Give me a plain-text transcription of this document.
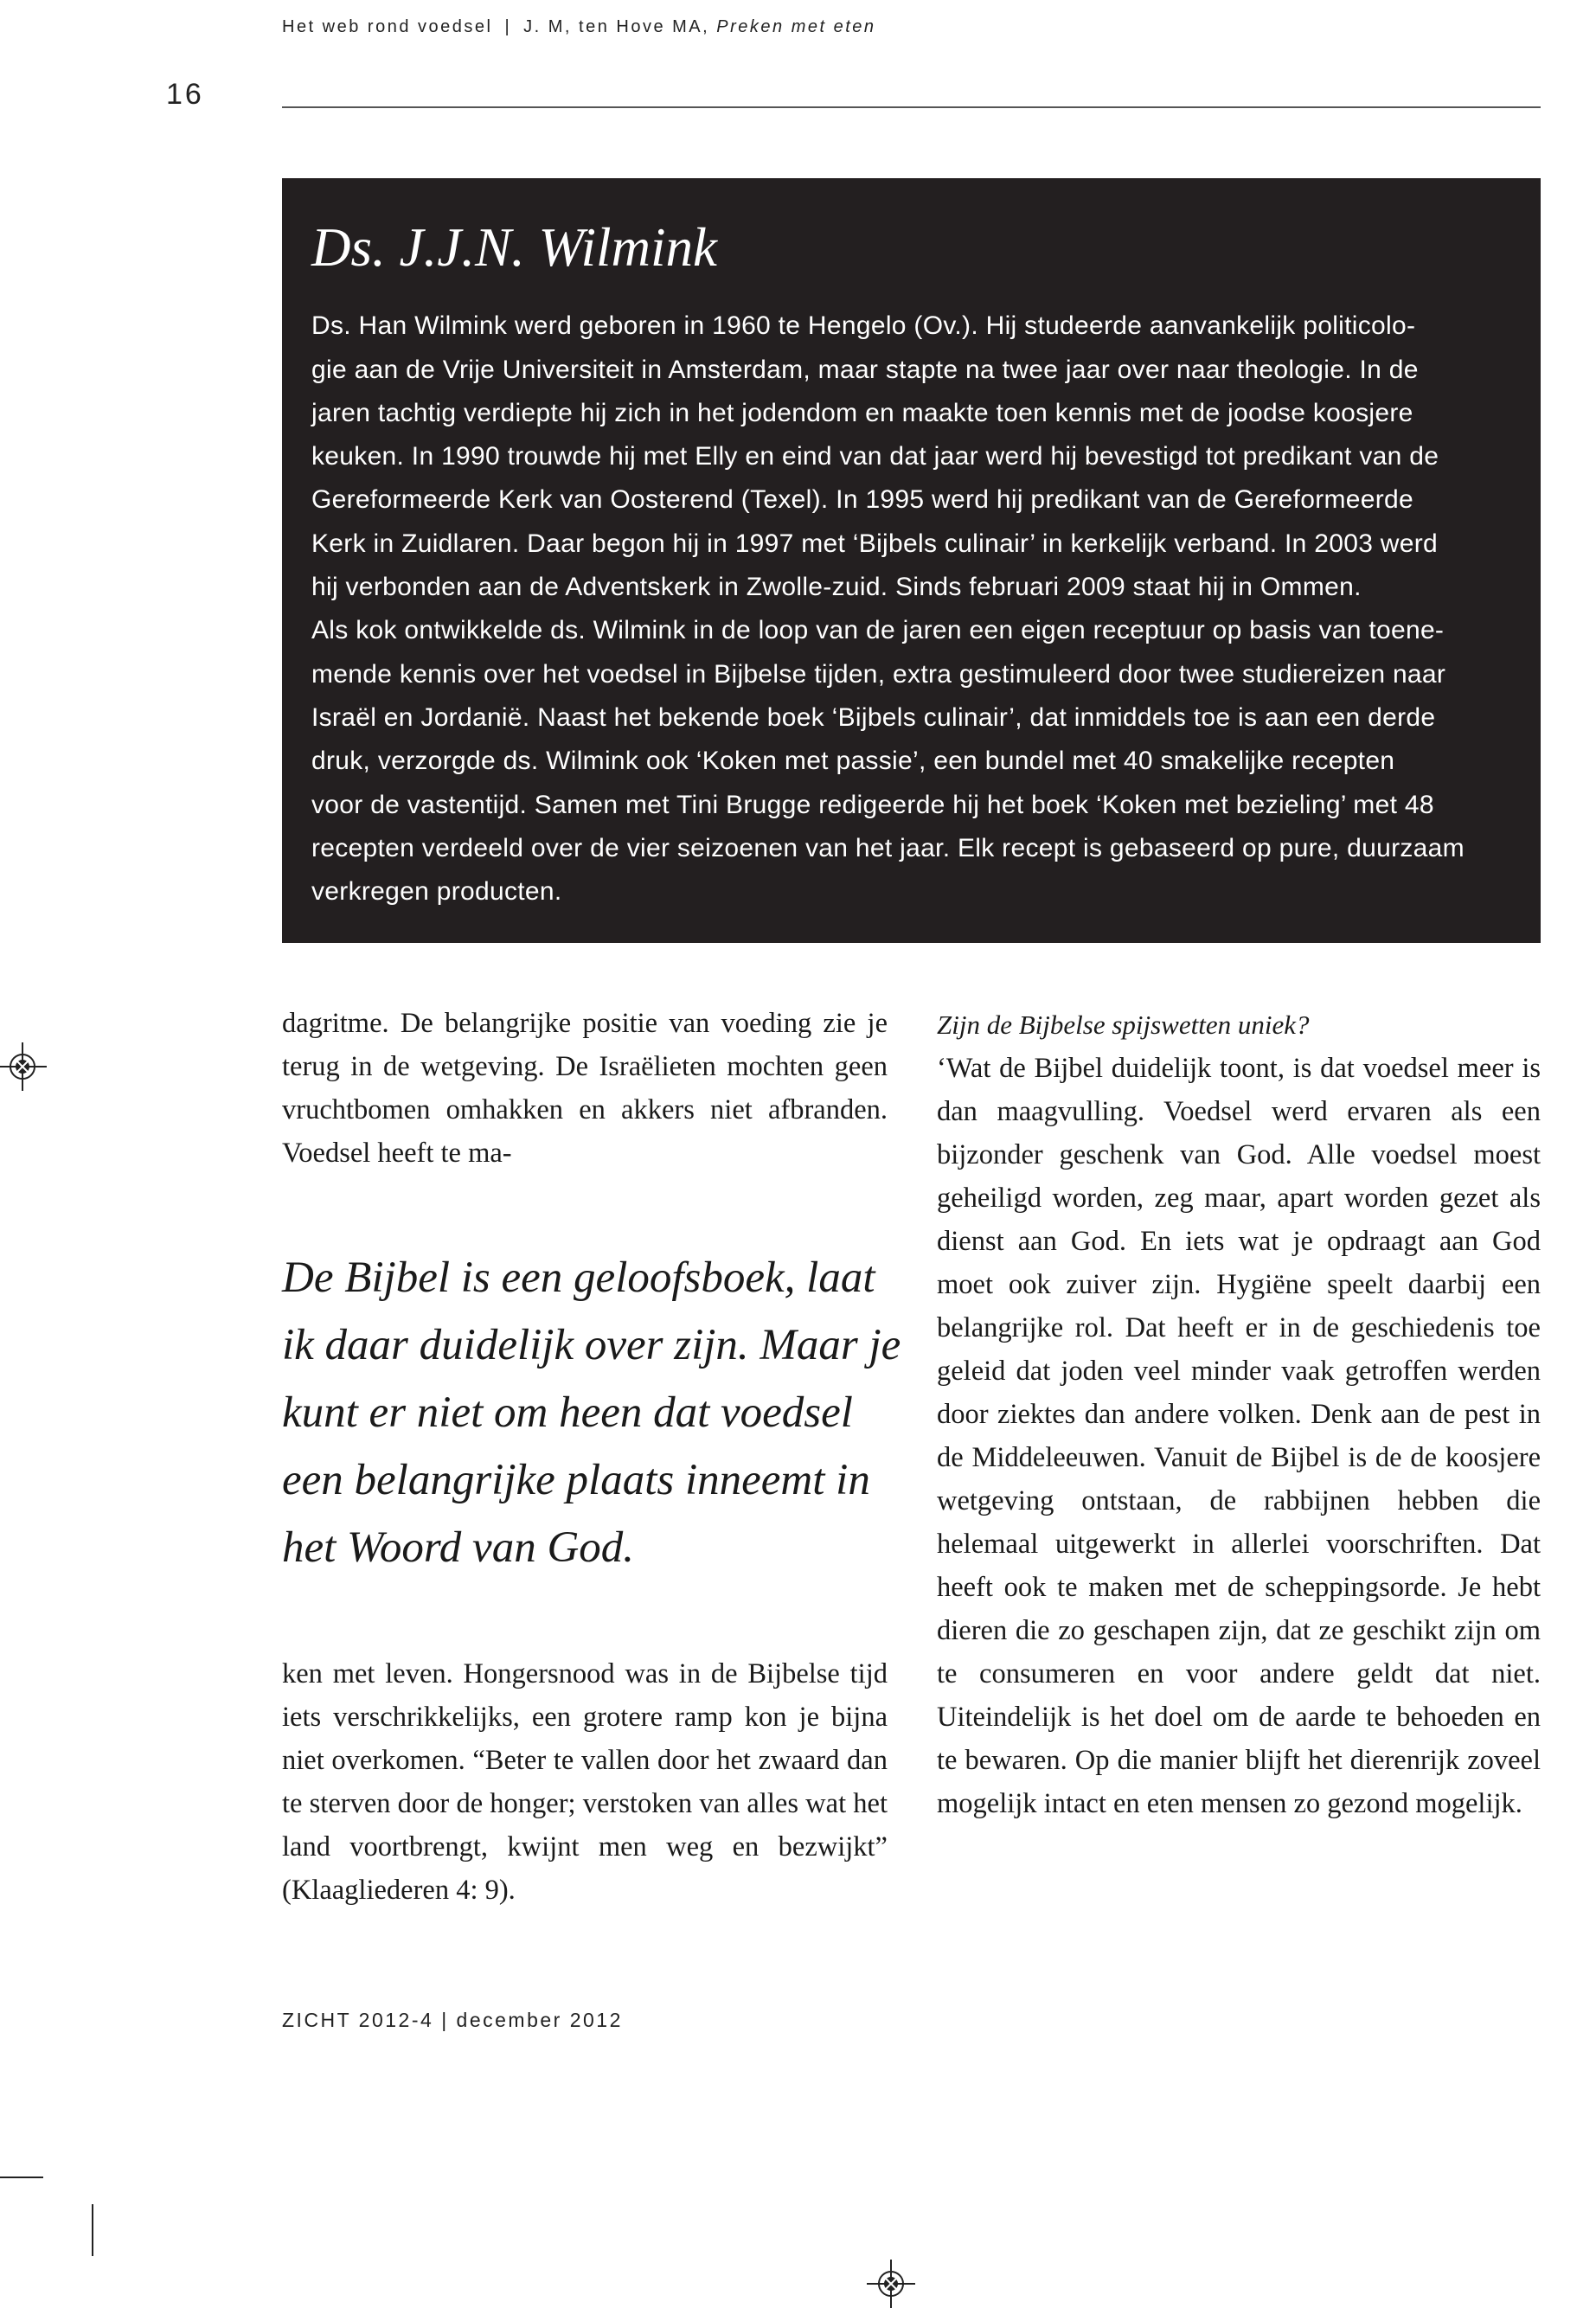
Het web rond voedsel | J. M, ten Hove MA, Preken met eten
16
Ds. J.J.N. Wilmink
Ds. Han Wilmink werd geboren in 1960 te Hengelo (Ov.). Hij studeerde aanvankelijk politicolo-
gie aan de Vrije Universiteit in Amsterdam, maar stapte na twee jaar over naar theologie. In de
jaren tachtig verdiepte hij zich in het jodendom en maakte toen kennis met de joodse koosjere
keuken. In 1990 trouwde hij met Elly en eind van dat jaar werd hij bevestigd tot predikant van de
Gereformeerde Kerk van Oosterend (Texel). In 1995 werd hij predikant van de Gereformeerde
Kerk in Zuidlaren. Daar begon hij in 1997 met ‘Bijbels culinair’ in kerkelijk verband. In 2003 werd
hij verbonden aan de Adventskerk in Zwolle-zuid. Sinds februari 2009 staat hij in Ommen.
Als kok ontwikkelde ds. Wilmink in de loop van de jaren een eigen receptuur op basis van toene-
mende kennis over het voedsel in Bijbelse tijden, extra gestimuleerd door twee studiereizen naar
Israël en Jordanië. Naast het bekende boek ‘Bijbels culinair’, dat inmiddels toe is aan een derde
druk, verzorgde ds. Wilmink ook ‘Koken met passie’, een bundel met 40 smakelijke recepten
voor de vastentijd. Samen met Tini Brugge redigeerde hij het boek ‘Koken met bezieling’ met 48
recepten verdeeld over de vier seizoenen van het jaar. Elk recept is gebaseerd op pure, duurzaam
verkregen producten.

dagritme. De belangrijke positie van voeding zie je terug in de wetgeving. De Israëlieten mochten geen vruchtbomen omhakken en akkers niet afbranden. Voedsel heeft te ma-

De Bijbel is een geloofsboek, laat ik daar duidelijk over zijn. Maar je kunt er niet om heen dat voedsel een belangrijke plaats inneemt in het Woord van God.

ken met leven. Hongersnood was in de Bijbelse tijd iets verschrikkelijks, een grotere ramp kon je bijna niet overkomen. “Beter te vallen door het zwaard dan te sterven door de honger; verstoken van alles wat het land voortbrengt, kwijnt men weg en bezwijkt” (Klaagliederen 4: 9).

Zijn de Bijbelse spijswetten uniek?

‘Wat de Bijbel duidelijk toont, is dat voedsel meer is dan maagvulling. Voedsel werd ervaren als een bijzonder geschenk van God. Alle voedsel moest geheiligd worden, zeg maar, apart worden gezet als dienst aan God. En iets wat je opdraagt aan God moet ook zuiver zijn. Hygiëne speelt daarbij een belangrijke rol. Dat heeft er in de geschiedenis toe geleid dat joden veel minder vaak getroffen werden door ziektes dan andere volken. Denk aan de pest in de Middeleeuwen. Vanuit de Bijbel is de de koosjere wetgeving ontstaan, de rabbijnen hebben die helemaal uitgewerkt in allerlei voorschriften. Dat heeft ook te maken met de scheppingsorde. Je hebt dieren die zo geschapen zijn, dat ze geschikt zijn om te consumeren en voor andere geldt dat niet. Uiteindelijk is het doel om de aarde te behoeden en te bewaren. Op die manier blijft het dierenrijk zoveel mogelijk intact en eten mensen zo gezond mogelijk.

ZICHT 2012-4 | december 2012
